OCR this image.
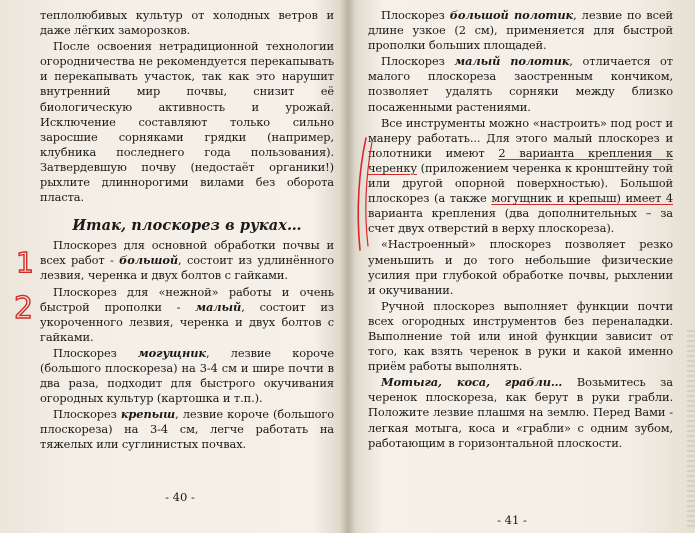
теплолюбивых культур от холодных ветров и даже лёгких заморозков.

После освоения нетрадиционной технологии огородничества не рекомендуется перекапывать и перекапывать участок, так как это нарушит внутренний мир почвы, снизит её биологическую активность и урожай. Исключение составляют только сильно заросшие сорняками грядки (например, клубника последнего года пользования). Затвердевшую почву (недостаёт органики!) рыхлите длиннорогими вилами без оборота пласта.

Итак, плоскорез в руках…

Плоскорез для основной обработки почвы и всех работ - большой, состоит из удлинённого лезвия, черенка и двух болтов с гайками.

Плоскорез для «нежной» работы и очень быстрой прополки - малый, состоит из укороченного лезвия, черенка и двух болтов с гайками.

Плоскорез могущник, лезвие короче (большого плоскореза) на 3-4 см и шире почти в два раза, подходит для быстрого окучивания огородных культур (картошка и т.п.).

Плоскорез крепыш, лезвие короче (большого плоскореза) на 3-4 см, легче работать на тяжелых или суглинистых почвах.

- 40 -

Плоскорез большой полотик, лезвие по всей длине узкое (2 см), применяется для быстрой прополки больших площадей.

Плоскорез малый полотик, отличается от малого плоскореза заостренным кончиком, позволяет удалять сорняки между близко посаженными растениями.

Все инструменты можно «настроить» под рост и манеру работать... Для этого малый плоскорез и полотники имеют 2 варианта крепления к черенку (приложением черенка к кронштейну той или другой опорной поверхностью). Большой плоскорез (а также могущник и крепыш) имеет 4 варианта крепления (два дополнительных – за счет двух отверстий в верху плоскореза).

«Настроенный» плоскорез позволяет резко уменьшить и до того небольшие физические усилия при глубокой обработке почвы, рыхлении и окучивании.

Ручной плоскорез выполняет функции почти всех огородных инструментов без переналадки. Выполнение той или иной функции зависит от того, как взять черенок в руки и какой именно приём работы выполнять.

Мотыга, коса, грабли… Возьмитесь за черенок плоскореза, как берут в руки грабли. Положите лезвие плашмя на землю. Перед Вами - легкая мотыга, коса и «грабли» с одним зубом, работающим в горизонтальной плоскости.

- 41 -
1
2
